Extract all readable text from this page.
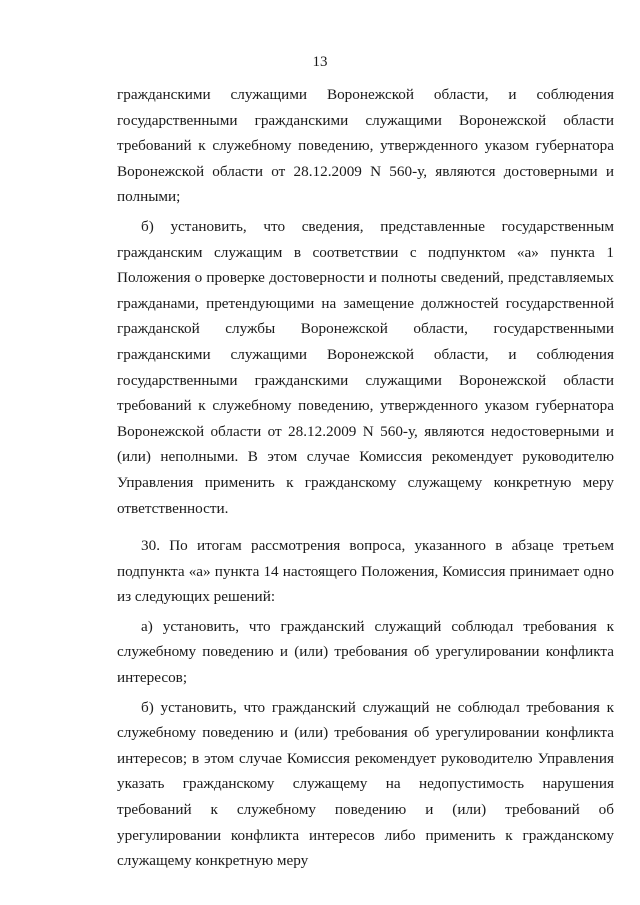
13

гражданскими служащими Воронежской области, и соблюдения государственными гражданскими служащими Воронежской области требований к служебному поведению, утвержденного указом губернатора Воронежской области от 28.12.2009 N 560-у, являются достоверными и полными;

б) установить, что сведения, представленные государственным гражданским служащим в соответствии с подпунктом «а» пункта 1 Положения о проверке достоверности и полноты сведений, представляемых гражданами, претендующими на замещение должностей государственной гражданской службы Воронежской области, государственными гражданскими служащими Воронежской области, и соблюдения государственными гражданскими служащими Воронежской области требований к служебному поведению, утвержденного указом губернатора Воронежской области от 28.12.2009 N 560-у, являются недостоверными и (или) неполными. В этом случае Комиссия рекомендует руководителю Управления применить к гражданскому служащему конкретную меру ответственности.

30. По итогам рассмотрения вопроса, указанного в абзаце третьем подпункта «а» пункта 14 настоящего Положения, Комиссия принимает одно из следующих решений:

а) установить, что гражданский служащий соблюдал требования к служебному поведению и (или) требования об урегулировании конфликта интересов;

б) установить, что гражданский служащий не соблюдал требования к служебному поведению и (или) требования об урегулировании конфликта интересов; в этом случае Комиссия рекомендует руководителю Управления указать гражданскому служащему на недопустимость нарушения требований к служебному поведению и (или) требований об урегулировании конфликта интересов либо применить к гражданскому служащему конкретную меру
